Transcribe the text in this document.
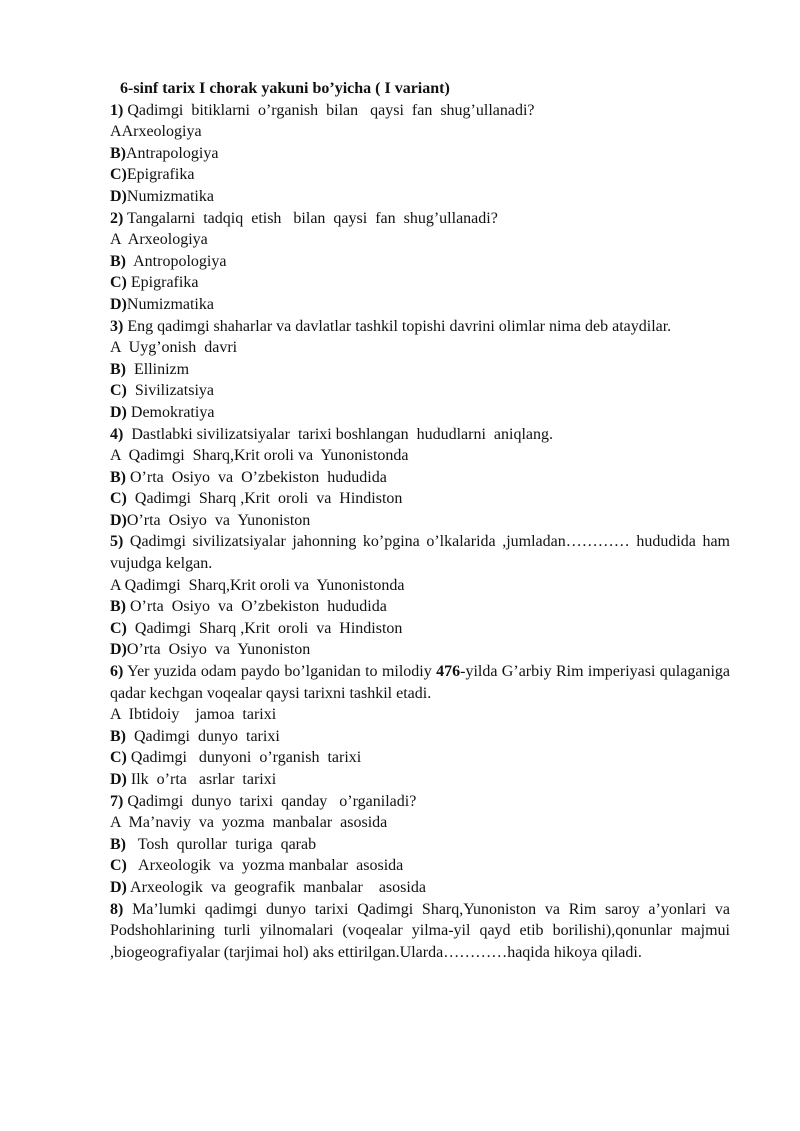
6-sinf tarix I chorak yakuni bo’yicha ( I variant)
1) Qadimgi  bitiklarni  o’rganish  bilan   qaysi  fan  shug’ullanadi?
AArxeologiya
B)Antrapologiya
C)Epigrafika
D)Numizmatika
2) Tangalarni  tadqiq  etish   bilan  qaysi  fan  shug’ullanadi?
A  Arxeologiya
B)  Antropologiya
C) Epigrafika
D)Numizmatika
3) Eng qadimgi shaharlar va davlatlar tashkil topishi davrini olimlar nima deb ataydilar.
A  Uyg’onish  davri
B)  Ellinizm
C)  Sivilizatsiya
D) Demokratiya
4)  Dastlabki sivilizatsiyalar  tarixi boshlangan  hududlarni  aniqlang.
A  Qadimgi  Sharq,Krit oroli va  Yunonistonda
B) O’rta  Osiyo  va  O’zbekiston  hududida
C)  Qadimgi  Sharq ,Krit  oroli  va  Hindiston
D)O’rta  Osiyo  va  Yunoniston
5) Qadimgi sivilizatsiyalar jahonning ko’pgina o’lkalarida ,jumladan………… hududida ham vujudga kelgan.
A Qadimgi  Sharq,Krit oroli va  Yunonistonda
B) O’rta  Osiyo  va  O’zbekiston  hududida
C)  Qadimgi  Sharq ,Krit  oroli  va  Hindiston
D)O’rta  Osiyo  va  Yunoniston
6) Yer yuzida odam paydo bo’lganidan to milodiy 476-yilda G’arbiy Rim imperiyasi qulaganiga qadar kechgan voqealar qaysi tarixni tashkil etadi.
A  Ibtidoiy    jamoa  tarixi
B)  Qadimgi  dunyo  tarixi
C) Qadimgi   dunyoni  o’rganish  tarixi
D) Ilk  o’rta   asrlar  tarixi
7) Qadimgi  dunyo  tarixi  qanday   o’rganiladi?
A  Ma’naviy  va  yozma  manbalar  asosida
B)   Tosh  qurollar  turiga  qarab
C)   Arxeologik  va  yozma manbalar  asosida
D) Arxeologik  va  geografik  manbalar    asosida
8) Ma’lumki qadimgi dunyo tarixi Qadimgi Sharq,Yunoniston va Rim saroy a’yonlari va Podshohlarining turli yilnomalari (voqealar yilma-yil qayd etib borilishi),qonunlar majmui ,biogeografiyalar (tarjimai hol) aks ettirilgan.Ularda…………haqida hikoya qiladi.
